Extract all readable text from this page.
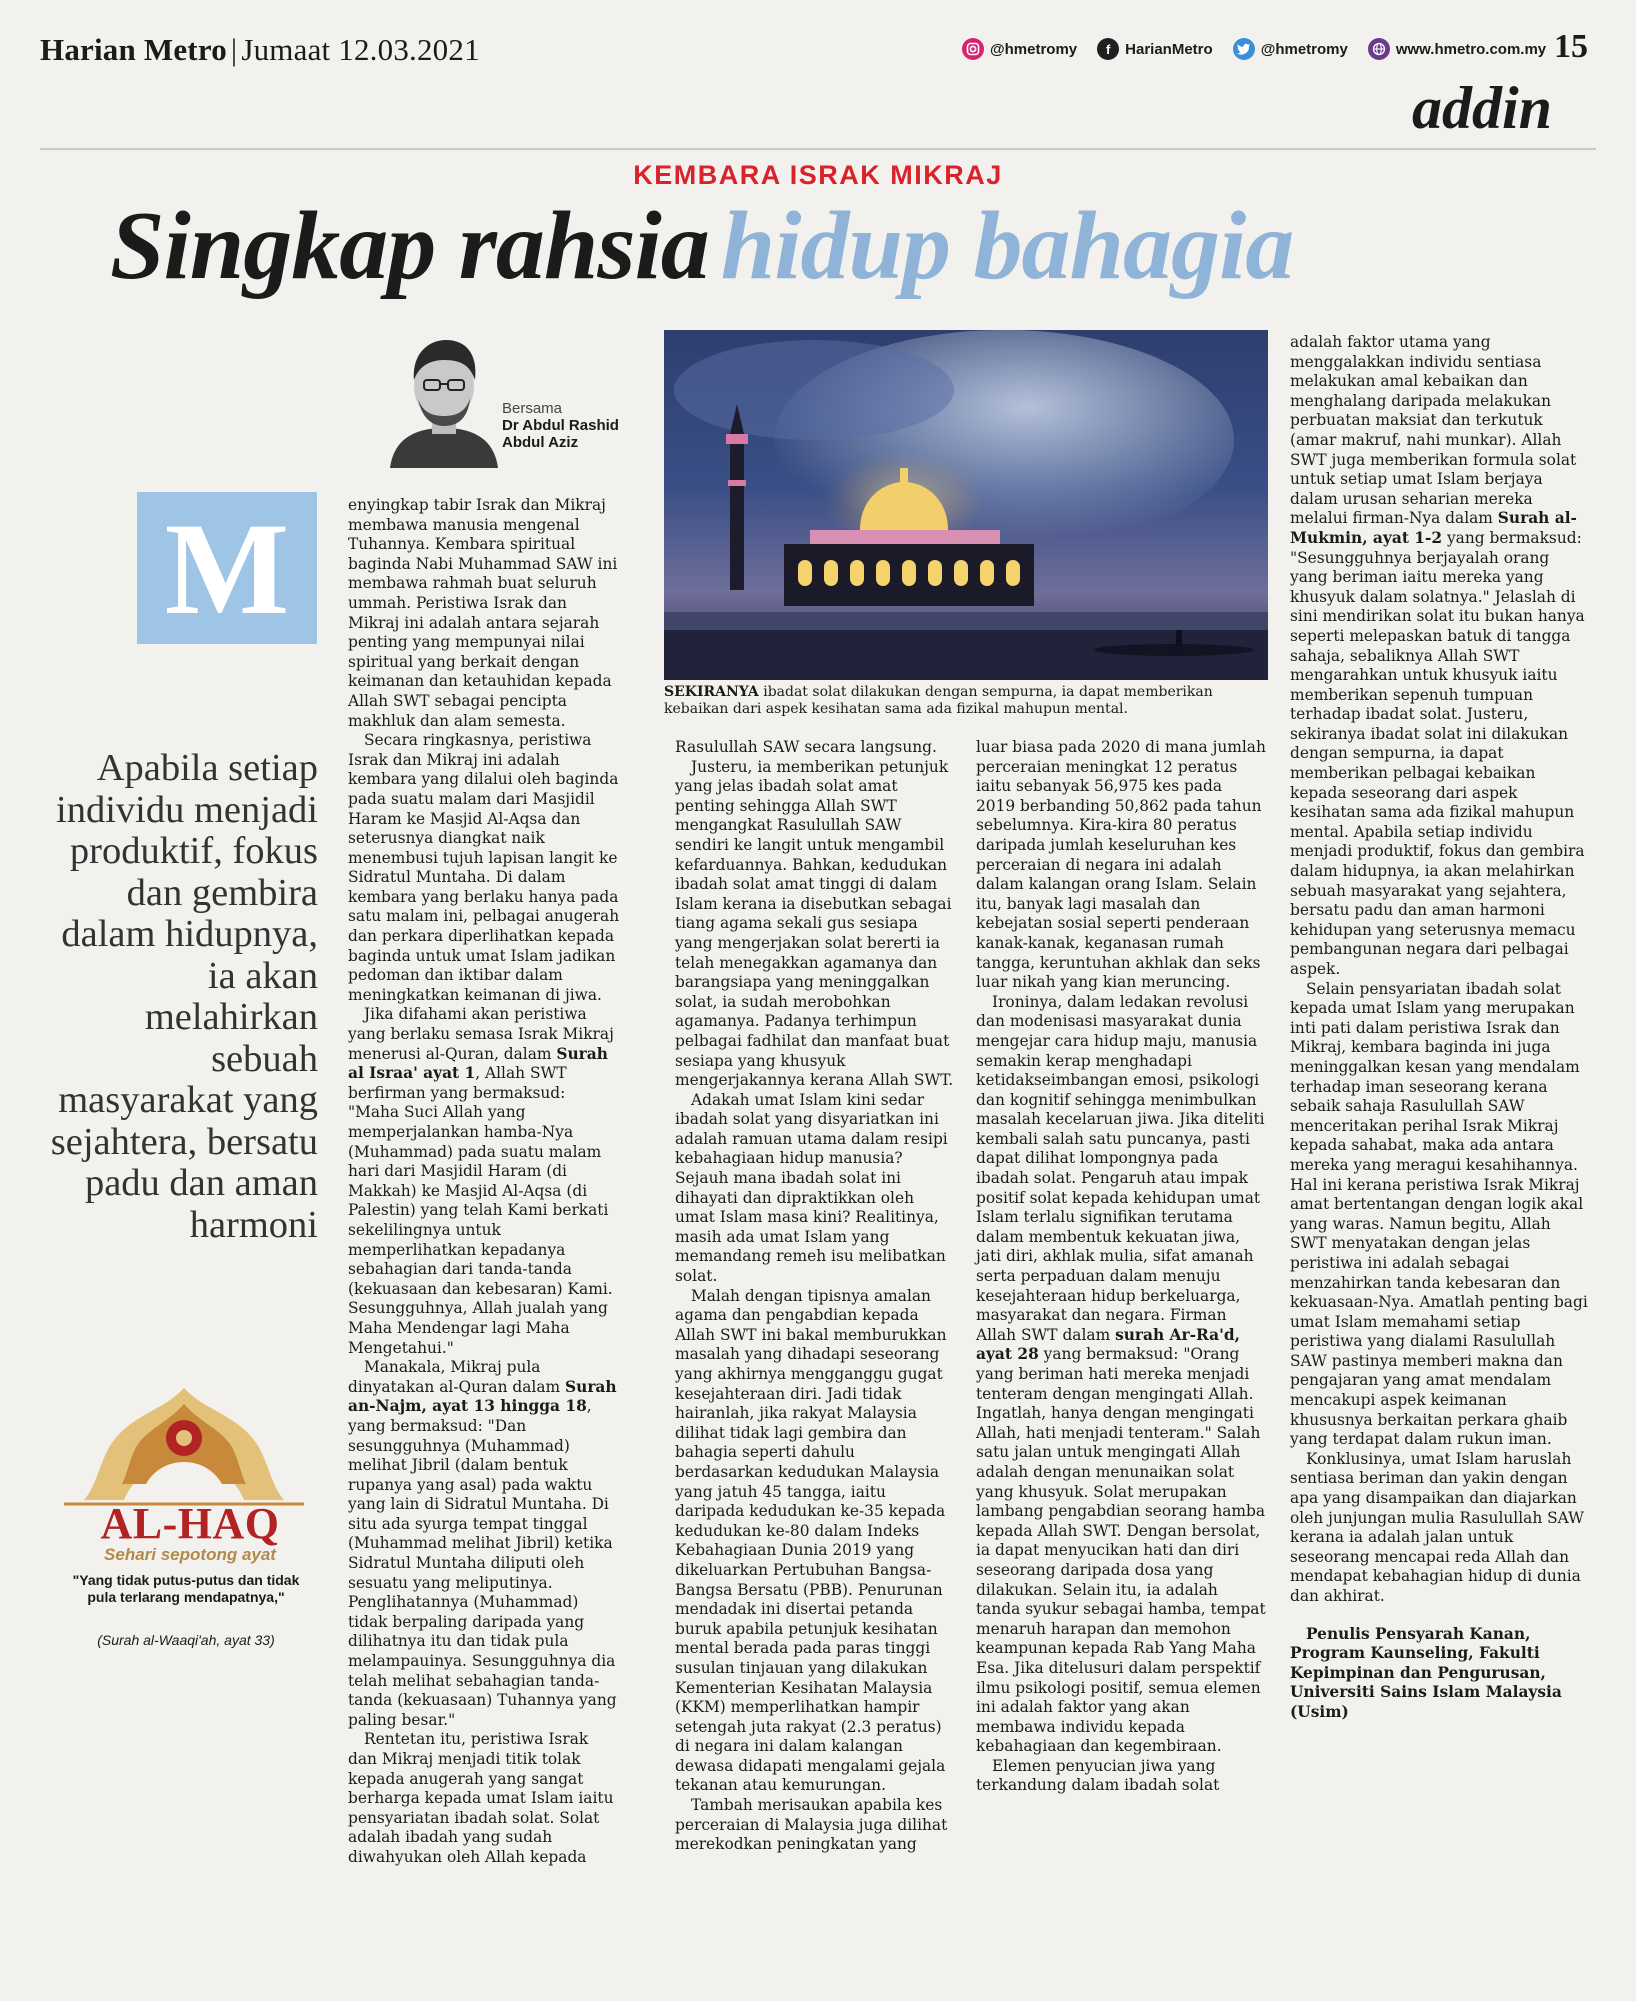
Harian Metro | Jumaat 12.03.2021	@hmetromy	f HarianMetro	@hmetromy	www.hmetro.com.my 15
addin
KEMBARA ISRAK MIKRAJ
Singkap rahsia hidup bahagia
Bersama
Dr Abdul Rashid
Abdul Aziz
SEKIRANYA ibadat solat dilakukan dengan sempurna, ia dapat memberikan kebaikan dari aspek kesihatan sama ada fizikal mahupun mental.
M
Apabila setiap individu menjadi produktif, fokus dan gembira dalam hidupnya, ia akan melahirkan sebuah masyarakat yang sejahtera, bersatu padu dan aman harmoni
AL-HAQ
Sehari sepotong ayat
"Yang tidak putus-putus dan tidak pula terlarang mendapatnya,"
(Surah al-Waaqi'ah, ayat 33)

enyingkap tabir Israk dan Mikraj membawa manusia mengenal Tuhannya. Kembara spiritual baginda Nabi Muhammad SAW ini membawa rahmah buat seluruh ummah. Peristiwa Israk dan Mikraj ini adalah antara sejarah penting yang mempunyai nilai spiritual yang berkait dengan keimanan dan ketauhidan kepada Allah SWT sebagai pencipta makhluk dan alam semesta.

Secara ringkasnya, peristiwa Israk dan Mikraj ini adalah kembara yang dilalui oleh baginda pada suatu malam dari Masjidil Haram ke Masjid Al-Aqsa dan seterusnya diangkat naik menembusi tujuh lapisan langit ke Sidratul Muntaha. Di dalam kembara yang berlaku hanya pada satu malam ini, pelbagai anugerah dan perkara diperlihatkan kepada baginda untuk umat Islam jadikan pedoman dan iktibar dalam meningkatkan keimanan di jiwa.

Jika difahami akan peristiwa yang berlaku semasa Israk Mikraj menerusi al-Quran, dalam Surah al Israa' ayat 1, Allah SWT berfirman yang bermaksud: "Maha Suci Allah yang memperjalankan hamba-Nya (Muhammad) pada suatu malam hari dari Masjidil Haram (di Makkah) ke Masjid Al-Aqsa (di Palestin) yang telah Kami berkati sekelilingnya untuk memperlihatkan kepadanya sebahagian dari tanda-tanda (kekuasaan dan kebesaran) Kami. Sesungguhnya, Allah jualah yang Maha Mendengar lagi Maha Mengetahui."

Manakala, Mikraj pula dinyatakan al-Quran dalam Surah an-Najm, ayat 13 hingga 18, yang bermaksud: "Dan sesungguhnya (Muhammad) melihat Jibril (dalam bentuk rupanya yang asal) pada waktu yang lain di Sidratul Muntaha. Di situ ada syurga tempat tinggal (Muhammad melihat Jibril) ketika Sidratul Muntaha diliputi oleh sesuatu yang meliputinya. Penglihatannya (Muhammad) tidak berpaling daripada yang dilihatnya itu dan tidak pula melampauinya. Sesungguhnya dia telah melihat sebahagian tanda-tanda (kekuasaan) Tuhannya yang paling besar."

Rentetan itu, peristiwa Israk dan Mikraj menjadi titik tolak kepada anugerah yang sangat berharga kepada umat Islam iaitu pensyariatan ibadah solat. Solat adalah ibadah yang sudah diwahyukan oleh Allah kepada

Rasulullah SAW secara langsung.

Justeru, ia memberikan petunjuk yang jelas ibadah solat amat penting sehingga Allah SWT mengangkat Rasulullah SAW sendiri ke langit untuk mengambil kefarduannya. Bahkan, kedudukan ibadah solat amat tinggi di dalam Islam kerana ia disebutkan sebagai tiang agama sekali gus sesiapa yang mengerjakan solat bererti ia telah menegakkan agamanya dan barangsiapa yang meninggalkan solat, ia sudah merobohkan agamanya. Padanya terhimpun pelbagai fadhilat dan manfaat buat sesiapa yang khusyuk mengerjakannya kerana Allah SWT.

Adakah umat Islam kini sedar ibadah solat yang disyariatkan ini adalah ramuan utama dalam resipi kebahagiaan hidup manusia? Sejauh mana ibadah solat ini dihayati dan dipraktikkan oleh umat Islam masa kini? Realitinya, masih ada umat Islam yang memandang remeh isu melibatkan solat.

Malah dengan tipisnya amalan agama dan pengabdian kepada Allah SWT ini bakal memburukkan masalah yang dihadapi seseorang yang akhirnya mengganggu gugat kesejahteraan diri. Jadi tidak hairanlah, jika rakyat Malaysia dilihat tidak lagi gembira dan bahagia seperti dahulu berdasarkan kedudukan Malaysia yang jatuh 45 tangga, iaitu daripada kedudukan ke-35 kepada kedudukan ke-80 dalam Indeks Kebahagiaan Dunia 2019 yang dikeluarkan Pertubuhan Bangsa-Bangsa Bersatu (PBB). Penurunan mendadak ini disertai petanda buruk apabila petunjuk kesihatan mental berada pada paras tinggi susulan tinjauan yang dilakukan Kementerian Kesihatan Malaysia (KKM) memperlihatkan hampir setengah juta rakyat (2.3 peratus) di negara ini dalam kalangan dewasa didapati mengalami gejala tekanan atau kemurungan.

Tambah merisaukan apabila kes perceraian di Malaysia juga dilihat merekodkan peningkatan yang

luar biasa pada 2020 di mana jumlah perceraian meningkat 12 peratus iaitu sebanyak 56,975 kes pada 2019 berbanding 50,862 pada tahun sebelumnya. Kira-kira 80 peratus daripada jumlah keseluruhan kes perceraian di negara ini adalah dalam kalangan orang Islam. Selain itu, banyak lagi masalah dan kebejatan sosial seperti penderaan kanak-kanak, keganasan rumah tangga, keruntuhan akhlak dan seks luar nikah yang kian meruncing.

Ironinya, dalam ledakan revolusi dan modenisasi masyarakat dunia mengejar cara hidup maju, manusia semakin kerap menghadapi ketidakseimbangan emosi, psikologi dan kognitif sehingga menimbulkan masalah kecelaruan jiwa. Jika diteliti kembali salah satu puncanya, pasti dapat dilihat lompongnya pada ibadah solat. Pengaruh atau impak positif solat kepada kehidupan umat Islam terlalu signifikan terutama dalam membentuk kekuatan jiwa, jati diri, akhlak mulia, sifat amanah serta perpaduan dalam menuju kesejahteraan hidup berkeluarga, masyarakat dan negara. Firman Allah SWT dalam surah Ar-Ra'd, ayat 28 yang bermaksud: "Orang yang beriman hati mereka menjadi tenteram dengan mengingati Allah. Ingatlah, hanya dengan mengingati Allah, hati menjadi tenteram." Salah satu jalan untuk mengingati Allah adalah dengan menunaikan solat yang khusyuk. Solat merupakan lambang pengabdian seorang hamba kepada Allah SWT. Dengan bersolat, ia dapat menyucikan hati dan diri seseorang daripada dosa yang dilakukan. Selain itu, ia adalah tanda syukur sebagai hamba, tempat menaruh harapan dan memohon keampunan kepada Rab Yang Maha Esa. Jika ditelusuri dalam perspektif ilmu psikologi positif, semua elemen ini adalah faktor yang akan membawa individu kepada kebahagiaan dan kegembiraan.

Elemen penyucian jiwa yang terkandung dalam ibadah solat

adalah faktor utama yang menggalakkan individu sentiasa melakukan amal kebaikan dan menghalang daripada melakukan perbuatan maksiat dan terkutuk (amar makruf, nahi munkar). Allah SWT juga memberikan formula solat untuk setiap umat Islam berjaya dalam urusan seharian mereka melalui firman-Nya dalam Surah al-Mukmin, ayat 1-2 yang bermaksud: "Sesungguhnya berjayalah orang yang beriman iaitu mereka yang khusyuk dalam solatnya." Jelaslah di sini mendirikan solat itu bukan hanya seperti melepaskan batuk di tangga sahaja, sebaliknya Allah SWT mengarahkan untuk khusyuk iaitu memberikan sepenuh tumpuan terhadap ibadat solat. Justeru, sekiranya ibadat solat ini dilakukan dengan sempurna, ia dapat memberikan pelbagai kebaikan kepada seseorang dari aspek kesihatan sama ada fizikal mahupun mental. Apabila setiap individu menjadi produktif, fokus dan gembira dalam hidupnya, ia akan melahirkan sebuah masyarakat yang sejahtera, bersatu padu dan aman harmoni kehidupan yang seterusnya memacu pembangunan negara dari pelbagai aspek.

Selain pensyariatan ibadah solat kepada umat Islam yang merupakan inti pati dalam peristiwa Israk dan Mikraj, kembara baginda ini juga meninggalkan kesan yang mendalam terhadap iman seseorang kerana sebaik sahaja Rasulullah SAW menceritakan perihal Israk Mikraj kepada sahabat, maka ada antara mereka yang meragui kesahihannya. Hal ini kerana peristiwa Israk Mikraj amat bertentangan dengan logik akal yang waras. Namun begitu, Allah SWT menyatakan dengan jelas peristiwa ini adalah sebagai menzahirkan tanda kebesaran dan kekuasaan-Nya. Amatlah penting bagi umat Islam memahami setiap peristiwa yang dialami Rasulullah SAW pastinya memberi makna dan pengajaran yang amat mendalam mencakupi aspek keimanan khususnya berkaitan perkara ghaib yang terdapat dalam rukun iman.

Konklusinya, umat Islam haruslah sentiasa beriman dan yakin dengan apa yang disampaikan dan diajarkan oleh junjungan mulia Rasulullah SAW kerana ia adalah jalan untuk seseorang mencapai reda Allah dan mendapat kebahagian hidup di dunia dan akhirat.

Penulis Pensyarah Kanan, Program Kaunseling, Fakulti Kepimpinan dan Pengurusan, Universiti Sains Islam Malaysia (Usim)
